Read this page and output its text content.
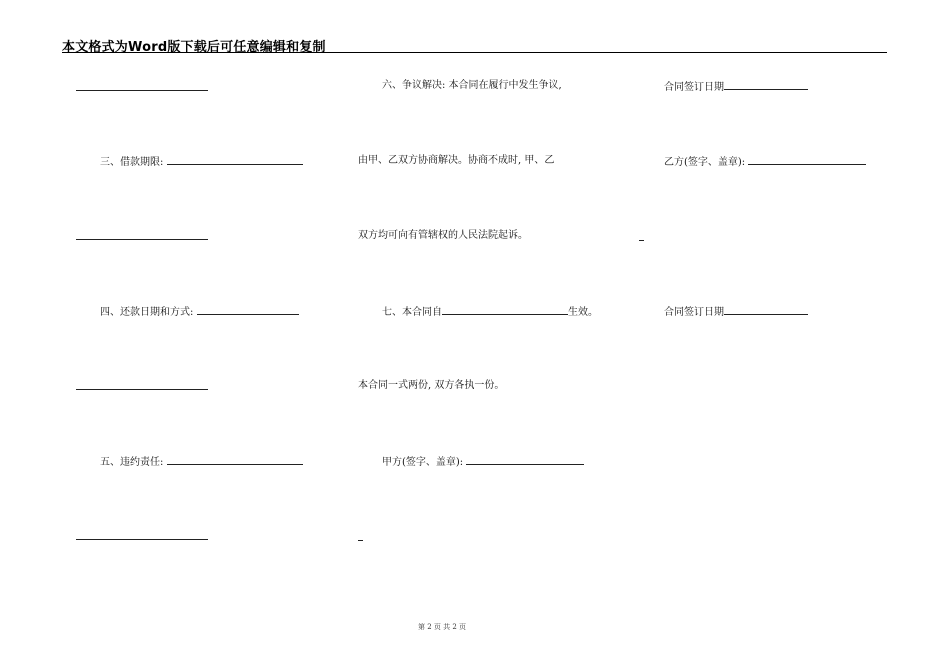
本文格式为Word版下载后可任意编辑和复制
三、借款期限:
四、还款日期和方式:
五、违约责任:
六、争议解决: 本合同在履行中发生争议,
由甲、乙双方协商解决。协商不成时, 甲、乙
双方均可向有管辖权的人民法院起诉。
七、本合同自	生效。
本合同一式两份, 双方各执一份。
甲方(签字、盖章):
合同签订日期
乙方(签字、盖章):
合同签订日期
第 2 页 共 2 页
